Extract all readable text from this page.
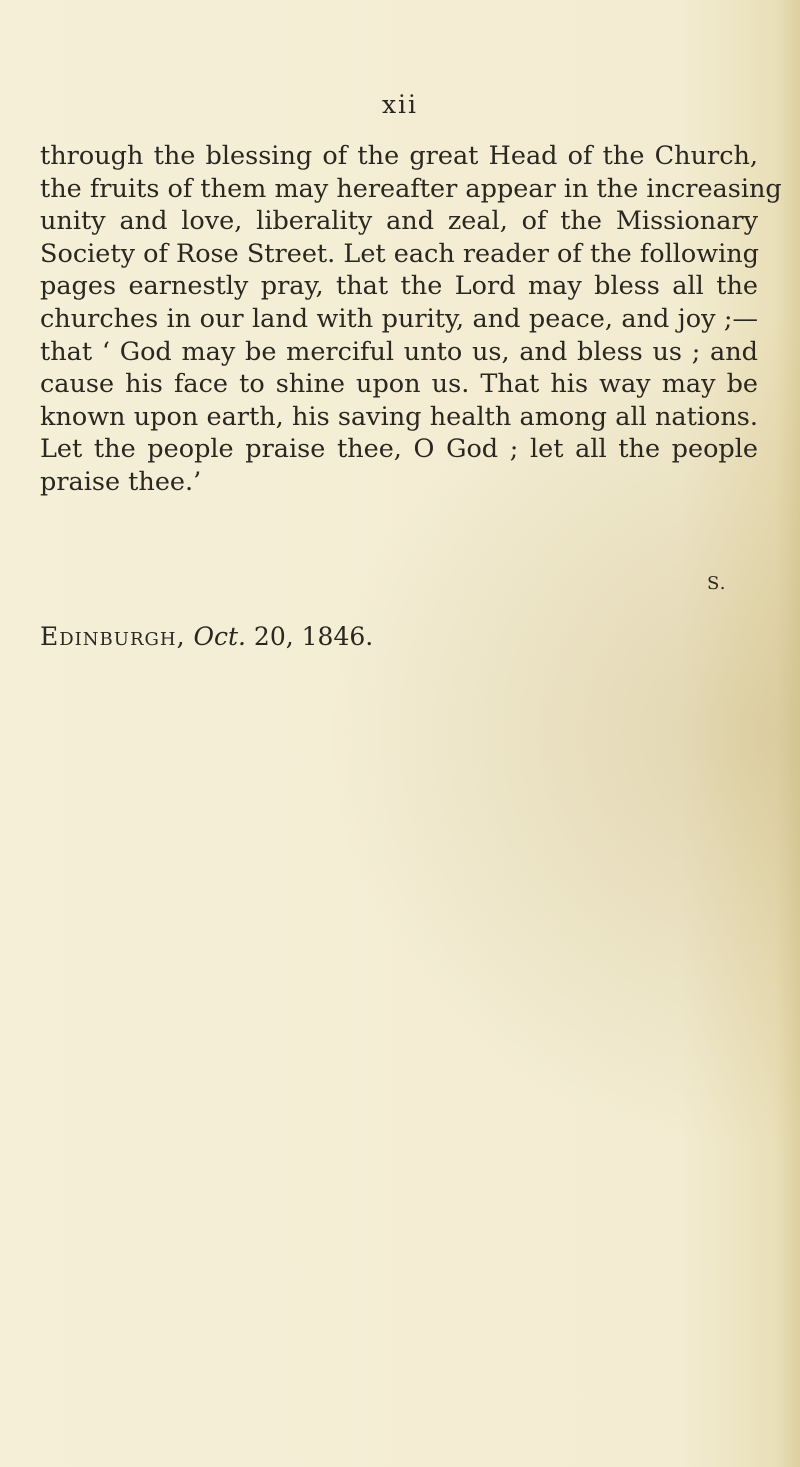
xii
through the blessing of the great Head of the Church,
the fruits of them may hereafter appear in the increasing
unity and love, liberality and zeal, of the Missionary
Society of Rose Street. Let each reader of the following
pages earnestly pray, that the Lord may bless all the
churches in our land with purity, and peace, and joy ;—
that ‘ God may be merciful unto us, and bless us ; and
cause his face to shine upon us. That his way may be
known upon earth, his saving health among all nations.
Let the people praise thee, O God ; let all the people
praise thee.’
S.
Edinburgh, Oct. 20, 1846.
